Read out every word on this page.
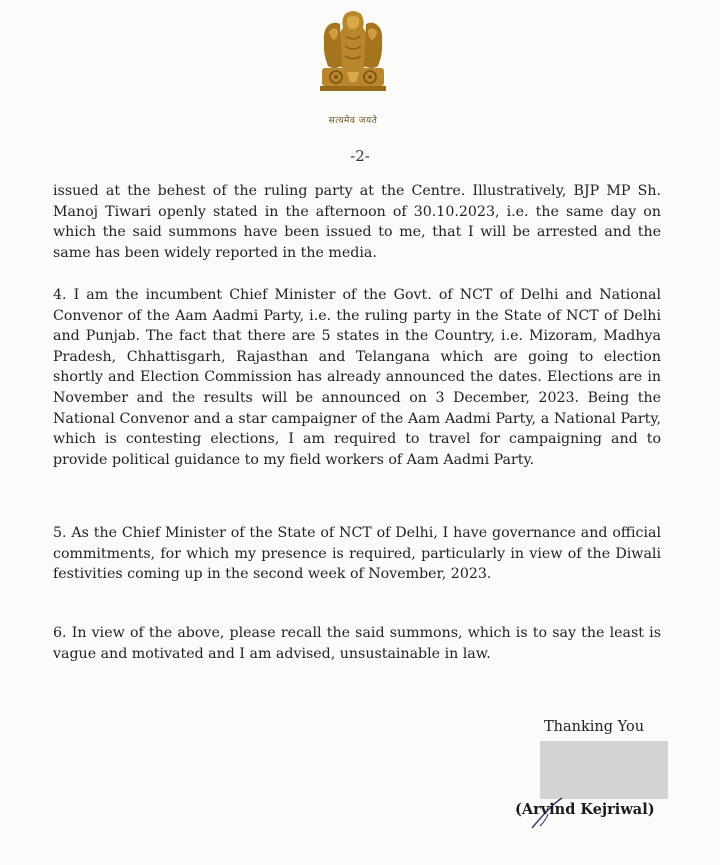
सत्यमेव जयते
-2-

issued at the behest of the ruling party at the Centre. Illustratively, BJP MP Sh. Manoj Tiwari openly stated in the afternoon of 30.10.2023, i.e. the same day on which the said summons have been issued to me, that I will be arrested and the same has been widely reported in the media.

4. I am the incumbent Chief Minister of the Govt. of NCT of Delhi and National Convenor of the Aam Aadmi Party, i.e. the ruling party in the State of NCT of Delhi and Punjab. The fact that there are 5 states in the Country, i.e. Mizoram, Madhya Pradesh, Chhattisgarh, Rajasthan and Telangana which are going to election shortly and Election Commission has already announced the dates. Elections are in November and the results will be announced on 3 December, 2023. Being the National Convenor and a star campaigner of the Aam Aadmi Party, a National Party, which is contesting elections, I am required to travel for campaigning and to provide political guidance to my field workers of Aam Aadmi Party.

5. As the Chief Minister of the State of NCT of Delhi, I have governance and official commitments, for which my presence is required, particularly in view of the Diwali festivities coming up in the second week of November, 2023.

6. In view of the above, please recall the said summons, which is to say the least is vague and motivated and I am advised, unsustainable in law.

Thanking You
(Arvind Kejriwal)
